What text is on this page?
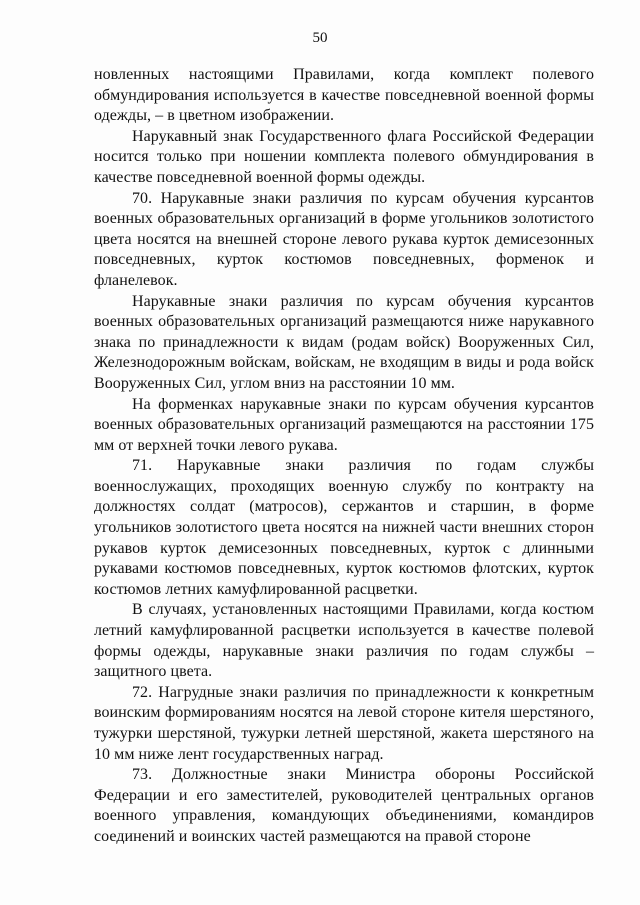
50

новленных настоящими Правилами, когда комплект полевого обмундирования используется в качестве повседневной военной формы одежды, – в цветном изображении.

Нарукавный знак Государственного флага Российской Федерации носится только при ношении комплекта полевого обмундирования в качестве повседневной военной формы одежды.

70. Нарукавные знаки различия по курсам обучения курсантов военных образовательных организаций в форме угольников золотистого цвета носятся на внешней стороне левого рукава курток демисезонных повседневных, курток костюмов повседневных, форменок и фланелевок.

Нарукавные знаки различия по курсам обучения курсантов военных образовательных организаций размещаются ниже нарукавного знака по принадлежности к видам (родам войск) Вооруженных Сил, Железнодорожным войскам, войскам, не входящим в виды и рода войск Вооруженных Сил, углом вниз на расстоянии 10 мм.

На форменках нарукавные знаки по курсам обучения курсантов военных образовательных организаций размещаются на расстоянии 175 мм от верхней точки левого рукава.

71. Нарукавные знаки различия по годам службы военнослужащих, проходящих военную службу по контракту на должностях солдат (матросов), сержантов и старшин, в форме угольников золотистого цвета носятся на нижней части внешних сторон рукавов курток демисезонных повседневных, курток с длинными рукавами костюмов повседневных, курток костюмов флотских, курток костюмов летних камуфлированной расцветки.

В случаях, установленных настоящими Правилами, когда костюм летний камуфлированной расцветки используется в качестве полевой формы одежды, нарукавные знаки различия по годам службы – защитного цвета.

72. Нагрудные знаки различия по принадлежности к конкретным воинским формированиям носятся на левой стороне кителя шерстяного, тужурки шерстяной, тужурки летней шерстяной, жакета шерстяного на 10 мм ниже лент государственных наград.

73. Должностные знаки Министра обороны Российской Федерации и его заместителей, руководителей центральных органов военного управления, командующих объединениями, командиров соединений и воинских частей размещаются на правой стороне
